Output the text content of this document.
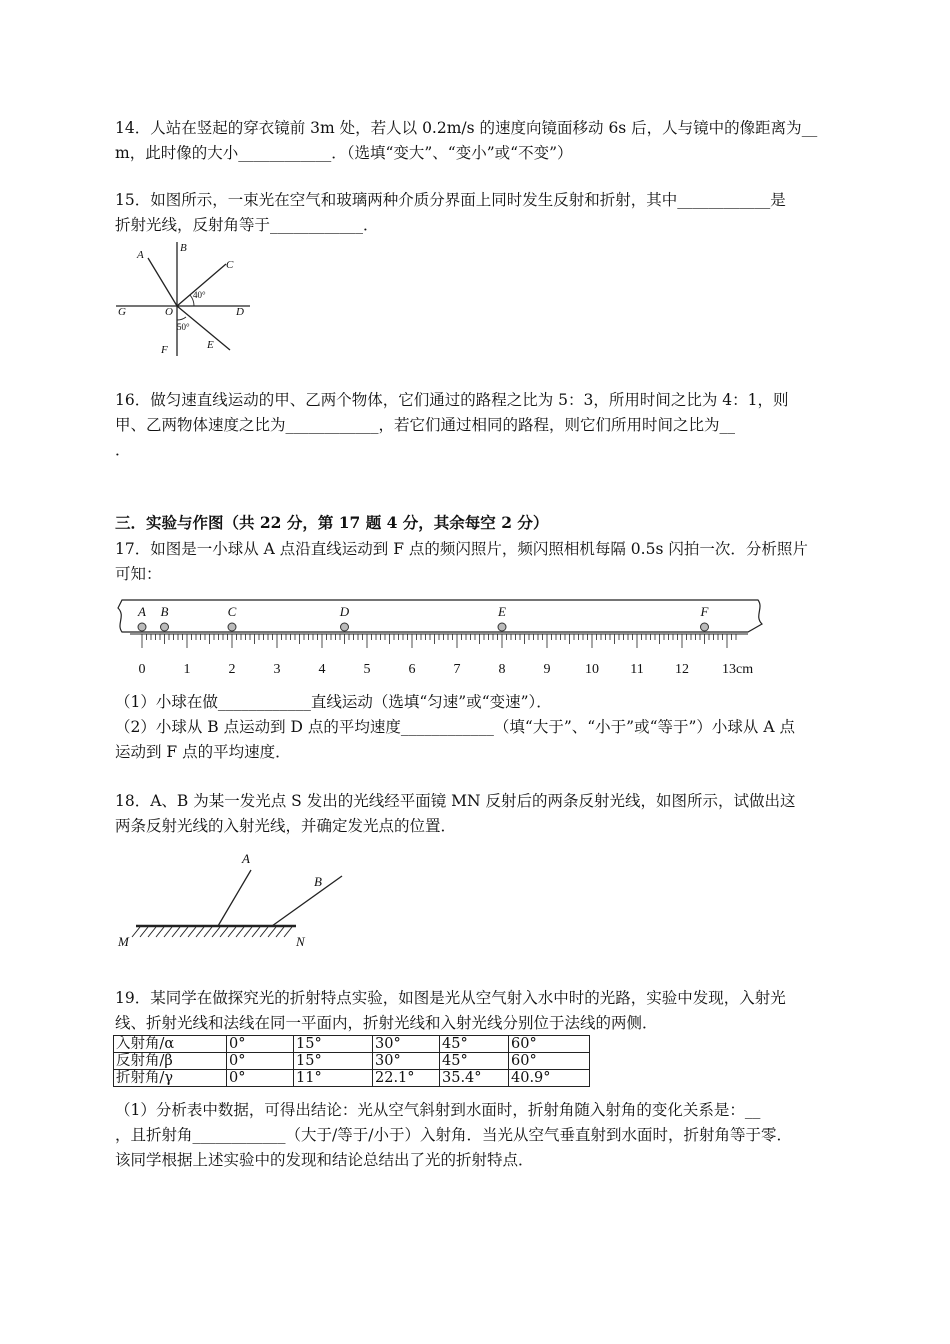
14．人站在竖起的穿衣镜前 3m 处，若人以 0.2m/s 的速度向镜面移动 6s 后，人与镜中的像距离为__
m，此时像的大小____________．（选填“变大”、“变小”或“不变”）
15．如图所示，一束光在空气和玻璃两种介质分界面上同时发生反射和折射，其中____________是
折射光线，反射角等于____________．
A
B
C
G	O	D
F	E
40°
50°
16．做匀速直线运动的甲、乙两个物体，它们通过的路程之比为 5：3，所用时间之比为 4：1，则
甲、乙两物体速度之比为____________，若它们通过相同的路程，则它们所用时间之比为__
．
三．实验与作图（共 22 分，第 17 题 4 分，其余每空 2 分）
17．如图是一小球从 A 点沿直线运动到 F 点的频闪照片，频闪照相机每隔 0.5s 闪拍一次．分析照片
可知：
0	1	2	3	4	5	6	7	8	9 10 11 12 13cm
A B	C	D	E	F
（1）小球在做____________直线运动（选填“匀速”或“变速”）．
（2）小球从 B 点运动到 D 点的平均速度____________（填“大于”、“小于”或“等于”）小球从 A 点
运动到 F 点的平均速度．
18．A、B 为某一发光点 S 发出的光线经平面镜 MN 反射后的两条反射光线，如图所示，试做出这
两条反射光线的入射光线，并确定发光点的位置．
A
B
M	N
19．某同学在做探究光的折射特点实验，如图是光从空气射入水中时的光路，实验中发现，入射光
线、折射光线和法线在同一平面内，折射光线和入射光线分别位于法线的两侧．
入射角/α	0°	15°	30°	45°	60°
反射角/β	0°	15°	30°	45°	60°
折射角/γ	0°	11°	22.1°	35.4°	40.9°
（1）分析表中数据，可得出结论：光从空气斜射到水面时，折射角随入射角的变化关系是：__
，且折射角____________（大于/等于/小于）入射角．当光从空气垂直射到水面时，折射角等于零．
该同学根据上述实验中的发现和结论总结出了光的折射特点．
